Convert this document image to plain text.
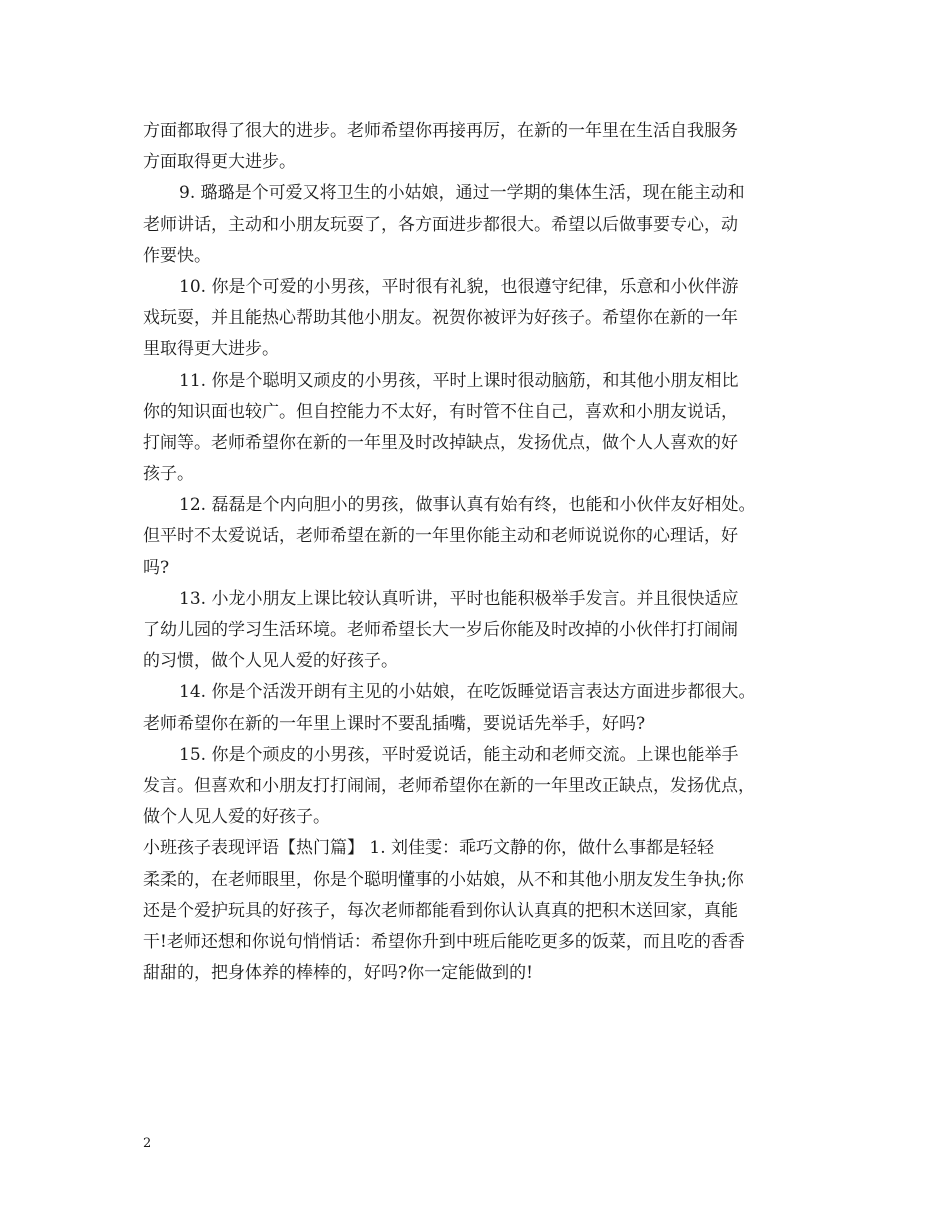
方面都取得了很大的进步。老师希望你再接再厉，在新的一年里在生活自我服务
方面取得更大进步。
9. 璐璐是个可爱又将卫生的小姑娘，通过一学期的集体生活，现在能主动和
老师讲话，主动和小朋友玩耍了，各方面进步都很大。希望以后做事要专心，动
作要快。
10. 你是个可爱的小男孩，平时很有礼貌，也很遵守纪律，乐意和小伙伴游
戏玩耍，并且能热心帮助其他小朋友。祝贺你被评为好孩子。希望你在新的一年
里取得更大进步。
11. 你是个聪明又顽皮的小男孩，平时上课时很动脑筋，和其他小朋友相比
你的知识面也较广。但自控能力不太好，有时管不住自己，喜欢和小朋友说话，
打闹等。老师希望你在新的一年里及时改掉缺点，发扬优点，做个人人喜欢的好
孩子。
12. 磊磊是个内向胆小的男孩，做事认真有始有终，也能和小伙伴友好相处。
但平时不太爱说话，老师希望在新的一年里你能主动和老师说说你的心理话，好
吗?
13. 小龙小朋友上课比较认真听讲，平时也能积极举手发言。并且很快适应
了幼儿园的学习生活环境。老师希望长大一岁后你能及时改掉的小伙伴打打闹闹
的习惯，做个人见人爱的好孩子。
14. 你是个活泼开朗有主见的小姑娘，在吃饭睡觉语言表达方面进步都很大。
老师希望你在新的一年里上课时不要乱插嘴，要说话先举手，好吗?
15. 你是个顽皮的小男孩，平时爱说话，能主动和老师交流。上课也能举手
发言。但喜欢和小朋友打打闹闹，老师希望你在新的一年里改正缺点，发扬优点，
做个人见人爱的好孩子。
小班孩子表现评语【热门篇】 1. 刘佳雯：乖巧文静的你，做什么事都是轻轻
柔柔的，在老师眼里，你是个聪明懂事的小姑娘，从不和其他小朋友发生争执;你
还是个爱护玩具的好孩子，每次老师都能看到你认认真真的把积木送回家，真能
干!老师还想和你说句悄悄话：希望你升到中班后能吃更多的饭菜，而且吃的香香
甜甜的，把身体养的棒棒的，好吗?你一定能做到的!
2
